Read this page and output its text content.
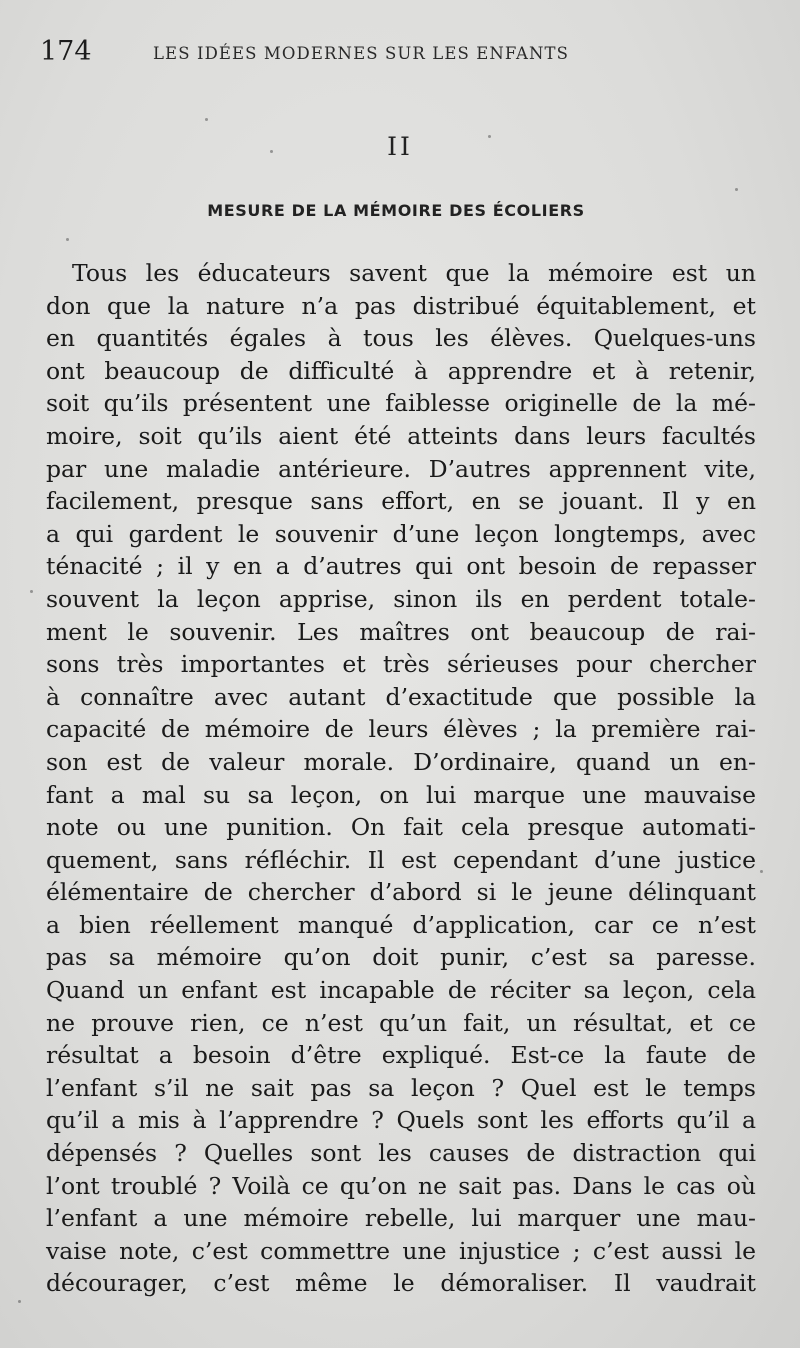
174	LES IDÉES MODERNES SUR LES ENFANTS
II
MESURE DE LA MÉMOIRE DES ÉCOLIERS
Tous les éducateurs savent que la mémoire est un
don que la nature n’a pas distribué équitablement, et
en quantités égales à tous les élèves. Quelques-uns
ont beaucoup de difficulté à apprendre et à retenir,
soit qu’ils présentent une faiblesse originelle de la mé-
moire, soit qu’ils aient été atteints dans leurs facultés
par une maladie antérieure. D’autres apprennent vite,
facilement, presque sans effort, en se jouant. Il y en
a qui gardent le souvenir d’une leçon longtemps, avec
ténacité ; il y en a d’autres qui ont besoin de repasser
souvent la leçon apprise, sinon ils en perdent totale-
ment le souvenir. Les maîtres ont beaucoup de rai-
sons très importantes et très sérieuses pour chercher
à connaître avec autant d’exactitude que possible la
capacité de mémoire de leurs élèves ; la première rai-
son est de valeur morale. D’ordinaire, quand un en-
fant a mal su sa leçon, on lui marque une mauvaise
note ou une punition. On fait cela presque automati-
quement, sans réfléchir. Il est cependant d’une justice
élémentaire de chercher d’abord si le jeune délinquant
a bien réellement manqué d’application, car ce n’est
pas sa mémoire qu’on doit punir, c’est sa paresse.
Quand un enfant est incapable de réciter sa leçon, cela
ne prouve rien, ce n’est qu’un fait, un résultat, et ce
résultat a besoin d’être expliqué. Est-ce la faute de
l’enfant s’il ne sait pas sa leçon ? Quel est le temps
qu’il a mis à l’apprendre ? Quels sont les efforts qu’il a
dépensés ? Quelles sont les causes de distraction qui
l’ont troublé ? Voilà ce qu’on ne sait pas. Dans le cas où
l’enfant a une mémoire rebelle, lui marquer une mau-
vaise note, c’est commettre une injustice ; c’est aussi le
décourager, c’est même le démoraliser. Il vaudrait
